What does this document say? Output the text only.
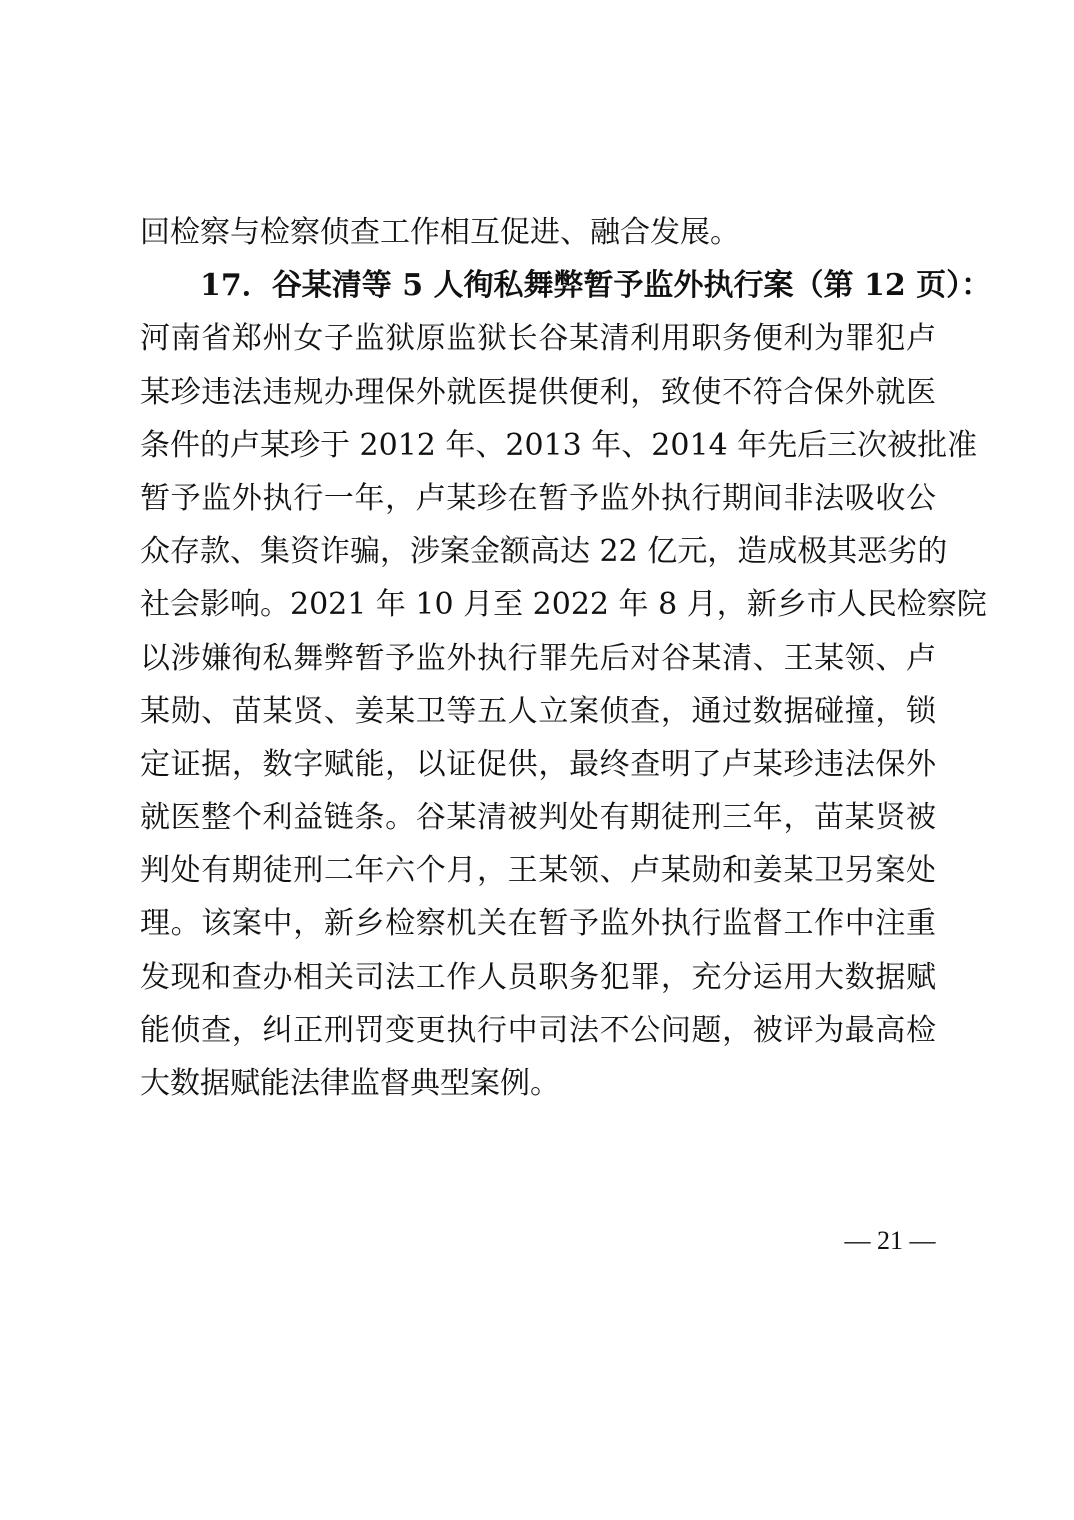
回检察与检察侦查工作相互促进、融合发展。
17．谷某清等 5 人徇私舞弊暂予监外执行案（第 12 页）：
河南省郑州女子监狱原监狱长谷某清利用职务便利为罪犯卢
某珍违法违规办理保外就医提供便利，致使不符合保外就医
条件的卢某珍于 2012 年、2013 年、2014 年先后三次被批准
暂予监外执行一年，卢某珍在暂予监外执行期间非法吸收公
众存款、集资诈骗，涉案金额高达 22 亿元，造成极其恶劣的
社会影响。2021 年 10 月至 2022 年 8 月，新乡市人民检察院
以涉嫌徇私舞弊暂予监外执行罪先后对谷某清、王某领、卢
某勋、苗某贤、姜某卫等五人立案侦查，通过数据碰撞，锁
定证据，数字赋能，以证促供，最终查明了卢某珍违法保外
就医整个利益链条。谷某清被判处有期徒刑三年，苗某贤被
判处有期徒刑二年六个月，王某领、卢某勋和姜某卫另案处
理。该案中，新乡检察机关在暂予监外执行监督工作中注重
发现和查办相关司法工作人员职务犯罪，充分运用大数据赋
能侦查，纠正刑罚变更执行中司法不公问题，被评为最高检
大数据赋能法律监督典型案例。
— 21 —
